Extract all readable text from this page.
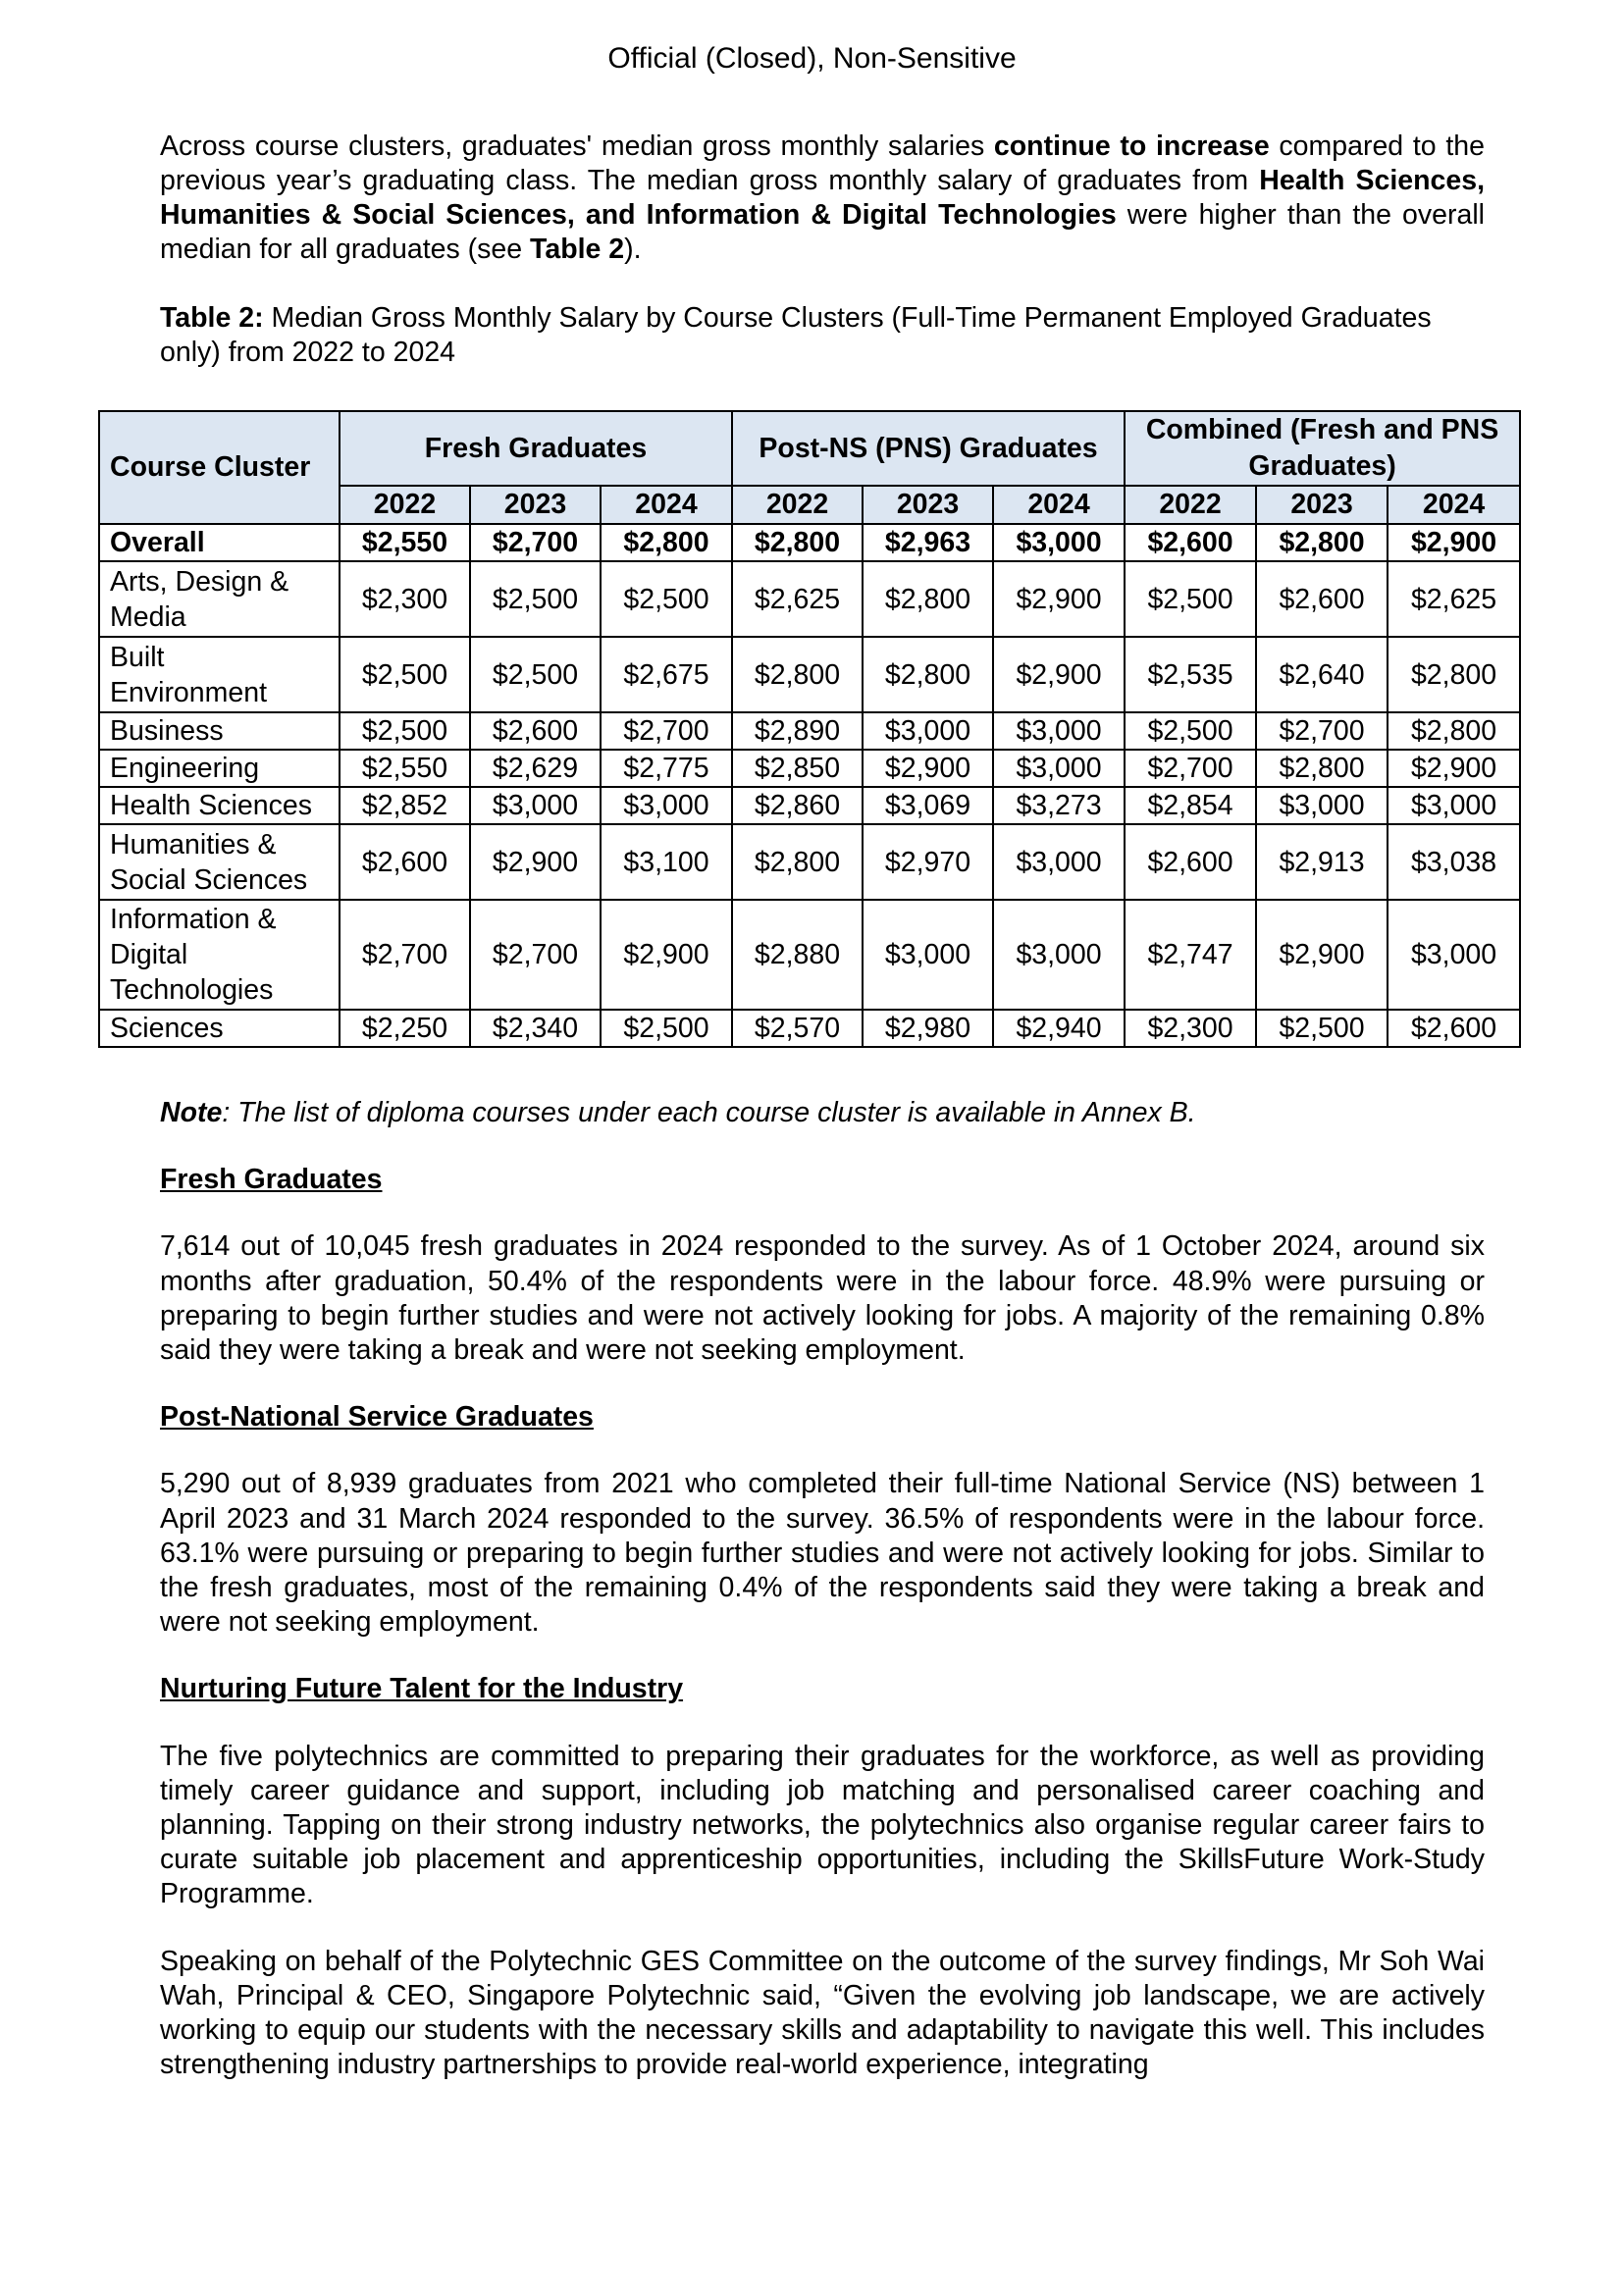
Official (Closed), Non-Sensitive

Across course clusters, graduates' median gross monthly salaries continue to increase compared to the previous year’s graduating class. The median gross monthly salary of graduates from Health Sciences, Humanities & Social Sciences, and Information & Digital Technologies were higher than the overall median for all graduates (see Table 2).

Table 2: Median Gross Monthly Salary by Course Clusters (Full-Time Permanent Employed Graduates only) from 2022 to 2024

Course Cluster	Fresh Graduates			Post-NS (PNS) Graduates			Combined (Fresh and PNS Graduates)		
	2022	2023	2024	2022	2023	2024	2022	2023	2024
Overall	$2,550	$2,700	$2,800	$2,800	$2,963	$3,000	$2,600	$2,800	$2,900
Arts, Design & Media	$2,300	$2,500	$2,500	$2,625	$2,800	$2,900	$2,500	$2,600	$2,625
Built Environment	$2,500	$2,500	$2,675	$2,800	$2,800	$2,900	$2,535	$2,640	$2,800
Business	$2,500	$2,600	$2,700	$2,890	$3,000	$3,000	$2,500	$2,700	$2,800
Engineering	$2,550	$2,629	$2,775	$2,850	$2,900	$3,000	$2,700	$2,800	$2,900
Health Sciences	$2,852	$3,000	$3,000	$2,860	$3,069	$3,273	$2,854	$3,000	$3,000
Humanities & Social Sciences	$2,600	$2,900	$3,100	$2,800	$2,970	$3,000	$2,600	$2,913	$3,038
Information & Digital Technologies	$2,700	$2,700	$2,900	$2,880	$3,000	$3,000	$2,747	$2,900	$3,000
Sciences	$2,250	$2,340	$2,500	$2,570	$2,980	$2,940	$2,300	$2,500	$2,600

Note: The list of diploma courses under each course cluster is available in Annex B.

Fresh Graduates

7,614 out of 10,045 fresh graduates in 2024 responded to the survey. As of 1 October 2024, around six months after graduation, 50.4% of the respondents were in the labour force. 48.9% were pursuing or preparing to begin further studies and were not actively looking for jobs. A majority of the remaining 0.8% said they were taking a break and were not seeking employment.

Post-National Service Graduates

5,290 out of 8,939 graduates from 2021 who completed their full-time National Service (NS) between 1 April 2023 and 31 March 2024 responded to the survey. 36.5% of respondents were in the labour force. 63.1% were pursuing or preparing to begin further studies and were not actively looking for jobs. Similar to the fresh graduates, most of the remaining 0.4% of the respondents said they were taking a break and were not seeking employment.

Nurturing Future Talent for the Industry

The five polytechnics are committed to preparing their graduates for the workforce, as well as providing timely career guidance and support, including job matching and personalised career coaching and planning. Tapping on their strong industry networks, the polytechnics also organise regular career fairs to curate suitable job placement and apprenticeship opportunities, including the SkillsFuture Work-Study Programme.

Speaking on behalf of the Polytechnic GES Committee on the outcome of the survey findings, Mr Soh Wai Wah, Principal & CEO, Singapore Polytechnic said, “Given the evolving job landscape, we are actively working to equip our students with the necessary skills and adaptability to navigate this well. This includes strengthening industry partnerships to provide real-world experience, integrating
